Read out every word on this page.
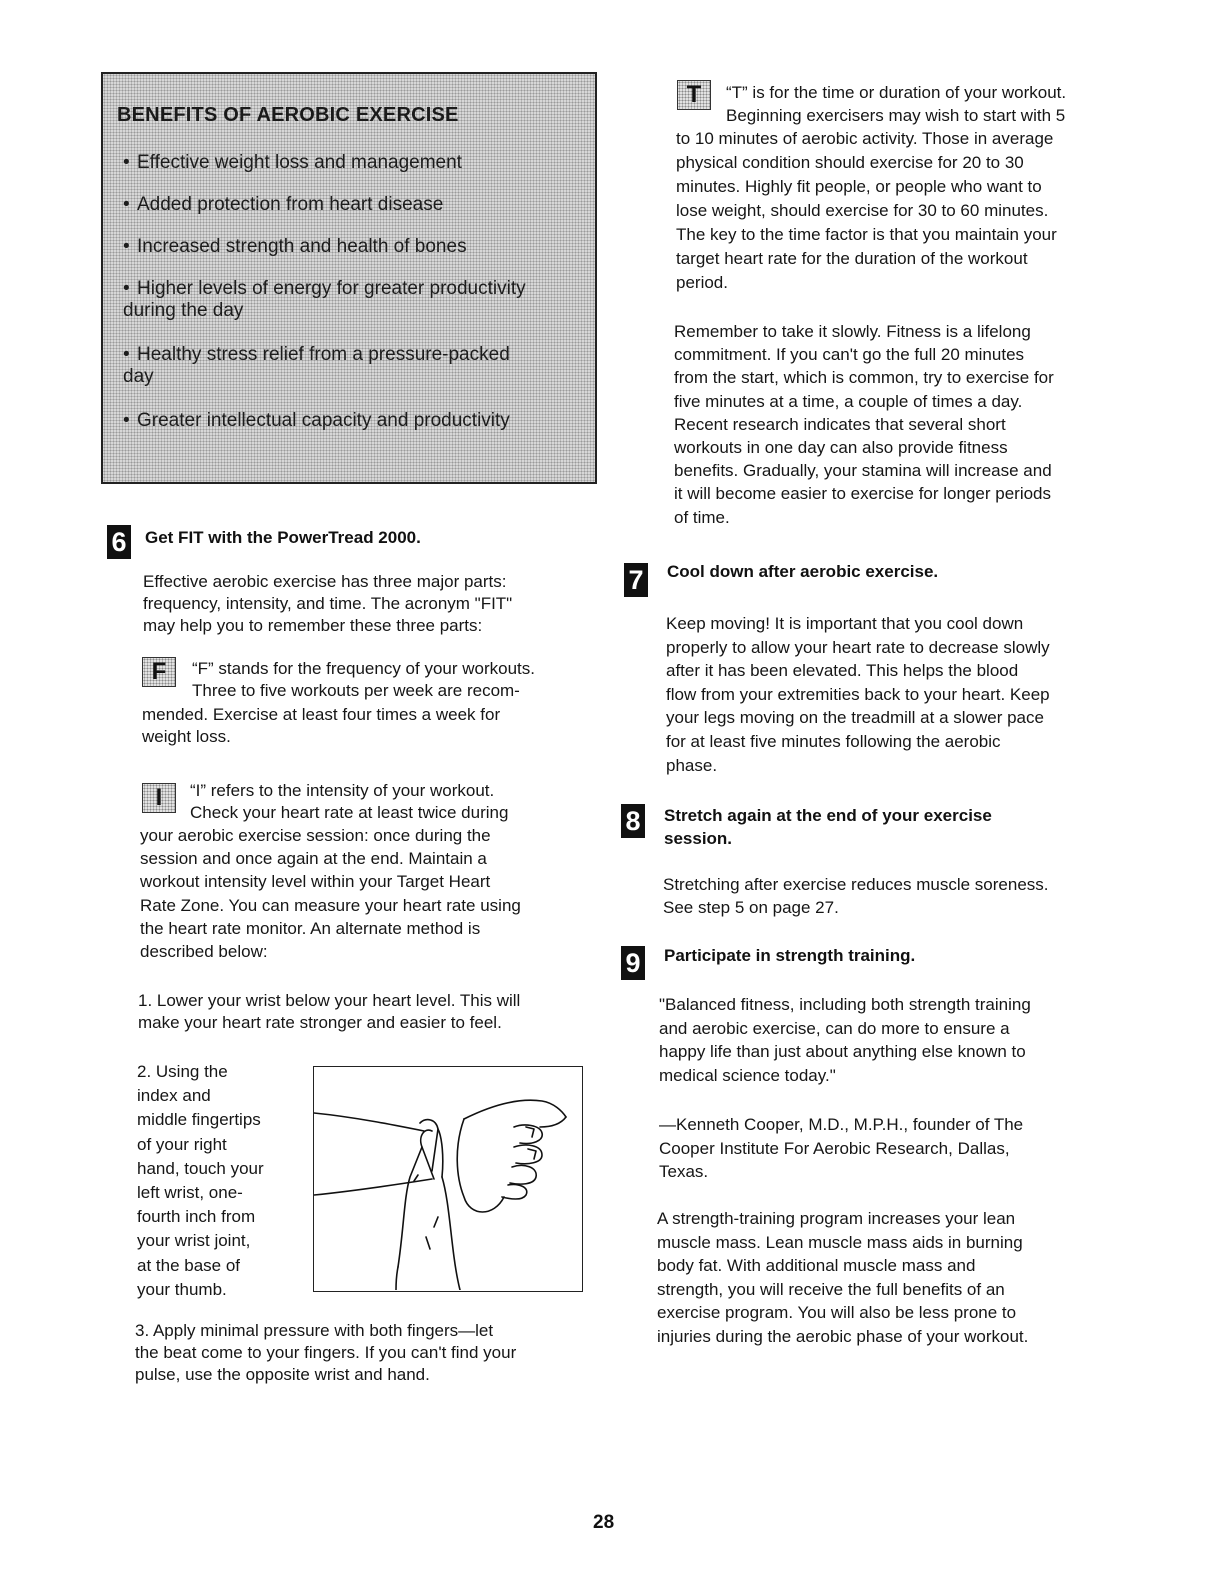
BENEFITS OF AEROBIC EXERCISE
• Effective weight loss and management
• Added protection from heart disease
• Increased strength and health of bones
• Higher levels of energy for greater productivity during the day
• Healthy stress relief from a pressure-packed day
• Greater intellectual capacity and productivity
6 Get FIT with the PowerTread 2000.
Effective aerobic exercise has three major parts:
frequency, intensity, and time. The acronym "FIT"
may help you to remember these three parts:
F	“F” stands for the frequency of your workouts.
Three to five workouts per week are recom-
mended. Exercise at least four times a week for
weight loss.
I	“I” refers to the intensity of your workout.
Check your heart rate at least twice during
your aerobic exercise session: once during the
session and once again at the end. Maintain a
workout intensity level within your Target Heart
Rate Zone. You can measure your heart rate using
the heart rate monitor. An alternate method is
described below:
1. Lower your wrist below your heart level. This will
make your heart rate stronger and easier to feel.
2. Using the
index and
middle fingertips
of your right
hand, touch your
left wrist, one-
fourth inch from
your wrist joint,
at the base of
your thumb.
3. Apply minimal pressure with both fingers—let
the beat come to your fingers. If you can't find your
pulse, use the opposite wrist and hand.
T	“T” is for the time or duration of your workout.
Beginning exercisers may wish to start with 5
to 10 minutes of aerobic activity. Those in average
physical condition should exercise for 20 to 30
minutes. Highly fit people, or people who want to
lose weight, should exercise for 30 to 60 minutes.
The key to the time factor is that you maintain your
target heart rate for the duration of the workout
period.
Remember to take it slowly. Fitness is a lifelong
commitment. If you can't go the full 20 minutes
from the start, which is common, try to exercise for
five minutes at a time, a couple of times a day.
Recent research indicates that several short
workouts in one day can also provide fitness
benefits. Gradually, your stamina will increase and
it will become easier to exercise for longer periods
of time.
7 Cool down after aerobic exercise.
Keep moving! It is important that you cool down
properly to allow your heart rate to decrease slowly
after it has been elevated. This helps the blood
flow from your extremities back to your heart. Keep
your legs moving on the treadmill at a slower pace
for at least five minutes following the aerobic
phase.
8 Stretch again at the end of your exercise
session.
Stretching after exercise reduces muscle soreness.
See step 5 on page 27.
9 Participate in strength training.
"Balanced fitness, including both strength training
and aerobic exercise, can do more to ensure a
happy life than just about anything else known to
medical science today."
—Kenneth Cooper, M.D., M.P.H., founder of The
Cooper Institute For Aerobic Research, Dallas,
Texas.
A strength-training program increases your lean
muscle mass. Lean muscle mass aids in burning
body fat. With additional muscle mass and
strength, you will receive the full benefits of an
exercise program. You will also be less prone to
injuries during the aerobic phase of your workout.
28
